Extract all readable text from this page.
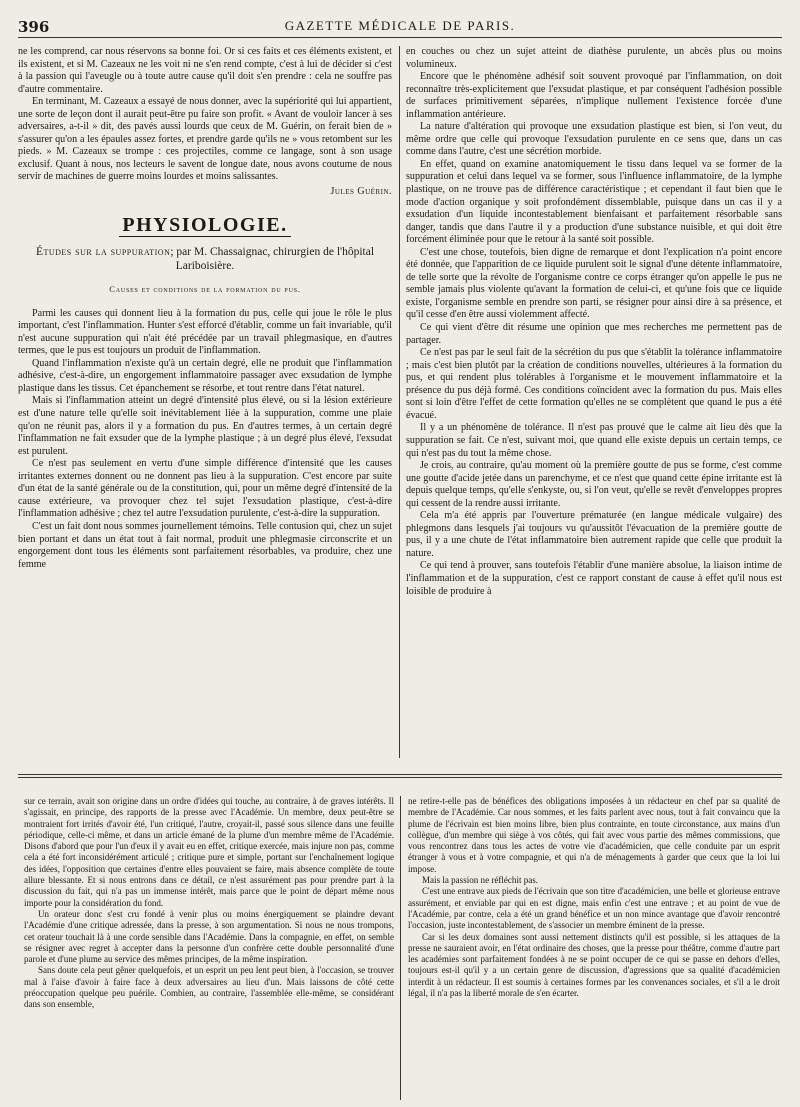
396	GAZETTE MÉDICALE DE PARIS.

ne les comprend, car nous réservons sa bonne foi. Or si ces faits et ces éléments existent, et ils existent, et si M. Cazeaux ne les voit ni ne s'en rend compte, c'est à lui de décider si c'est à la passion qui l'aveugle ou à toute autre cause qu'il doit s'en prendre : cela ne souffre pas d'autre commentaire.

En terminant, M. Cazeaux a essayé de nous donner, avec la supériorité qui lui appartient, une sorte de leçon dont il aurait peut-être pu faire son profit. « Avant de vouloir lancer à ses adversaires, a-t-il » dit, des pavés aussi lourds que ceux de M. Guérin, on ferait bien de » s'assurer qu'on a les épaules assez fortes, et prendre garde qu'ils ne » vous retombent sur les pieds. » M. Cazeaux se trompe : ces projectiles, comme ce langage, sont à son usage exclusif. Quant à nous, nos lecteurs le savent de longue date, nous avons coutume de nous servir de machines de guerre moins lourdes et moins salissantes.

Jules Guérin.
PHYSIOLOGIE.
Études sur la suppuration; par M. Chassaignac, chirurgien de l'hôpital Lariboisière.
Causes et conditions de la formation du pus.

Parmi les causes qui donnent lieu à la formation du pus, celle qui joue le rôle le plus important, c'est l'inflammation. Hunter s'est efforcé d'établir, comme un fait invariable, qu'il n'est aucune suppuration qui n'ait été précédée par un travail phlegmasique, en d'autres termes, que le pus est toujours un produit de l'inflammation.

Quand l'inflammation n'existe qu'à un certain degré, elle ne produit que l'inflammation adhésive, c'est-à-dire, un engorgement inflammatoire passager avec exsudation de lymphe plastique dans les tissus. Cet épanchement se résorbe, et tout rentre dans l'état naturel.

Mais si l'inflammation atteint un degré d'intensité plus élevé, ou si la lésion extérieure est d'une nature telle qu'elle soit inévitablement liée à la suppuration, comme une plaie qu'on ne réunit pas, alors il y a formation du pus. En d'autres termes, à un certain degré l'inflammation ne fait exsuder que de la lymphe plastique ; à un degré plus élevé, l'exsudat est purulent.

Ce n'est pas seulement en vertu d'une simple différence d'intensité que les causes irritantes externes donnent ou ne donnent pas lieu à la suppuration. C'est encore par suite d'un état de la santé générale ou de la constitution, qui, pour un même degré d'intensité de la cause extérieure, va provoquer chez tel sujet l'exsudation plastique, c'est-à-dire l'inflammation adhésive ; chez tel autre l'exsudation purulente, c'est-à-dire la suppuration.

C'est un fait dont nous sommes journellement témoins. Telle contusion qui, chez un sujet bien portant et dans un état tout à fait normal, produit une phlegmasie circonscrite et un engorgement dont tous les éléments sont parfaitement résorbables, va produire, chez une femme

en couches ou chez un sujet atteint de diathèse purulente, un abcès plus ou moins volumineux.

Encore que le phénomène adhésif soit souvent provoqué par l'inflammation, on doit reconnaître très-explicitement que l'exsudat plastique, et par conséquent l'adhésion possible de surfaces primitivement séparées, n'implique nullement l'existence forcée d'une inflammation antérieure.

La nature d'altération qui provoque une exsudation plastique est bien, si l'on veut, du même ordre que celle qui provoque l'exsudation purulente en ce sens que, dans un cas comme dans l'autre, c'est une sécrétion morbide.

En effet, quand on examine anatomiquement le tissu dans lequel va se former de la suppuration et celui dans lequel va se former, sous l'influence inflammatoire, de la lymphe plastique, on ne trouve pas de différence caractéristique ; et cependant il faut bien que le mode d'action organique y soit profondément dissemblable, puisque dans un cas il y a exsudation d'un liquide incontestablement bienfaisant et parfaitement résorbable sans danger, tandis que dans l'autre il y a production d'une substance nuisible, et qui doit être forcément éliminée pour que le retour à la santé soit possible.

C'est une chose, toutefois, bien digne de remarque et dont l'explication n'a point encore été donnée, que l'apparition de ce liquide purulent soit le signal d'une détente inflammatoire, de telle sorte que la révolte de l'organisme contre ce corps étranger qu'on appelle le pus ne semble jamais plus violente qu'avant la formation de celui-ci, et qu'une fois que ce liquide existe, l'organisme semble en prendre son parti, se résigner pour ainsi dire à sa présence, et qu'il cesse d'en être aussi violemment affecté.

Ce qui vient d'être dit résume une opinion que mes recherches me permettent pas de partager.

Ce n'est pas par le seul fait de la sécrétion du pus que s'établit la tolérance inflammatoire ; mais c'est bien plutôt par la création de conditions nouvelles, ultérieures à la formation du pus, et qui rendent plus tolérables à l'organisme et le mouvement inflammatoire et la présence du pus déjà formé. Ces conditions coïncident avec la formation du pus. Mais elles sont si loin d'être l'effet de cette formation qu'elles ne se complètent que quand le pus a été évacué.

Il y a un phénomène de tolérance. Il n'est pas prouvé que le calme ait lieu dès que la suppuration se fait. Ce n'est, suivant moi, que quand elle existe depuis un certain temps, ce qui n'est pas du tout la même chose.

Je crois, au contraire, qu'au moment où la première goutte de pus se forme, c'est comme une goutte d'acide jetée dans un parenchyme, et ce n'est que quand cette épine irritante est là depuis quelque temps, qu'elle s'enkyste, ou, si l'on veut, qu'elle se revêt d'enveloppes propres qui cessent de la rendre aussi irritante.

Cela m'a été appris par l'ouverture prématurée (en langue médicale vulgaire) des phlegmons dans lesquels j'ai toujours vu qu'aussitôt l'évacuation de la première goutte de pus, il y a une chute de l'état inflammatoire bien autrement rapide que celle que produit la nature.

Ce qui tend à prouver, sans toutefois l'établir d'une manière absolue, la liaison intime de l'inflammation et de la suppuration, c'est ce rapport constant de cause à effet qu'il nous est loisible de produire à

sur ce terrain, avait son origine dans un ordre d'idées qui touche, au contraire, à de graves intérêts. Il s'agissait, en principe, des rapports de la presse avec l'Académie. Un membre, deux peut-être se montraient fort irrités d'avoir été, l'un critiqué, l'autre, croyait-il, passé sous silence dans une feuille périodique, celle-ci même, et dans un article émané de la plume d'un membre même de l'Académie. Disons d'abord que pour l'un d'eux il y avait eu en effet, critique exercée, mais injure non pas, comme cela a été fort inconsidérément articulé ; critique pure et simple, portant sur l'enchaînement logique des idées, l'opposition que certaines d'entre elles pouvaient se faire, mais absence complète de toute allure blessante. Et si nous entrons dans ce détail, ce n'est assurément pas pour prendre part à la discussion du fait, qui n'a pas un immense intérêt, mais parce que le point de départ même nous importe pour la considération du fond.

Un orateur donc s'est cru fondé à venir plus ou moins énergiquement se plaindre devant l'Académie d'une critique adressée, dans la presse, à son argumentation. Si nous ne nous trompons, cet orateur touchait là à une corde sensible dans l'Académie. Dans la compagnie, en effet, on semble se résigner avec regret à accepter dans la personne d'un confrère cette double personnalité d'une parole et d'une plume au service des mêmes principes, de la même inspiration.

Sans doute cela peut gêner quelquefois, et un esprit un peu lent peut bien, à l'occasion, se trouver mal à l'aise d'avoir à faire face à deux adversaires au lieu d'un. Mais laissons de côté cette préoccupation quelque peu puérile. Combien, au contraire, l'assemblée elle-même, se considérant dans son ensemble,

ne retire-t-elle pas de bénéfices des obligations imposées à un rédacteur en chef par sa qualité de membre de l'Académie. Car nous sommes, et les faits parlent avec nous, tout à fait convaincu que la plume de l'écrivain est bien moins libre, bien plus contrainte, en toute circonstance, aux mains d'un collègue, d'un membre qui siège à vos côtés, qui fait avec vous partie des mêmes commissions, que vous rencontrez dans tous les actes de votre vie d'académicien, que celle conduite par un esprit étranger à vous et à votre compagnie, et qui n'a de ménagements à garder que ceux que la loi lui impose.

Mais la passion ne réfléchit pas.

C'est une entrave aux pieds de l'écrivain que son titre d'académicien, une belle et glorieuse entrave assurément, et enviable par qui en est digne, mais enfin c'est une entrave ; et au point de vue de l'Académie, par contre, cela a été un grand bénéfice et un non mince avantage que d'avoir rencontré l'occasion, juste incontestablement, de s'associer un membre éminent de la presse.

Car si les deux domaines sont aussi nettement distincts qu'il est possible, si les attaques de la presse ne sauraient avoir, en l'état ordinaire des choses, que la presse pour théâtre, comme d'autre part les académies sont parfaitement fondées à ne se point occuper de ce qui se passe en dehors d'elles, toujours est-il qu'il y a un certain genre de discussion, d'agressions que sa qualité d'académicien interdit à un rédacteur. Il est soumis à certaines formes par les convenances sociales, et s'il a le droit légal, il n'a pas la liberté morale de s'en écarter.
